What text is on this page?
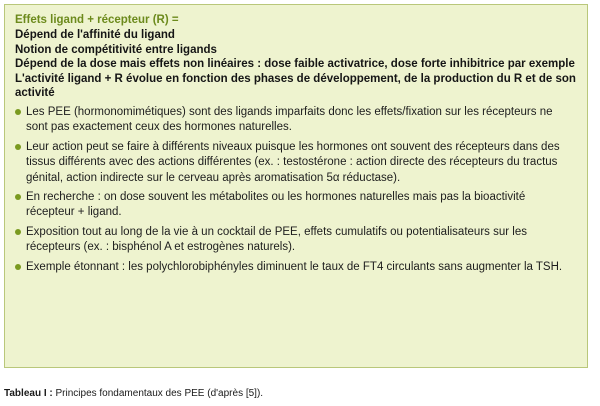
Effets ligand + récepteur (R) =
Dépend de l'affinité du ligand
Notion de compétitivité entre ligands
Dépend de la dose mais effets non linéaires : dose faible activatrice, dose forte inhibitrice par exemple
L'activité ligand + R évolue en fonction des phases de développement, de la production du R et de son activité
Les PEE (hormonomimétiques) sont des ligands imparfaits donc les effets/fixation sur les récepteurs ne sont pas exactement ceux des hormones naturelles.
Leur action peut se faire à différents niveaux puisque les hormones ont souvent des récepteurs dans des tissus différents avec des actions différentes (ex. : testostérone : action directe des récepteurs du tractus génital, action indirecte sur le cerveau après aromatisation 5α réductase).
En recherche : on dose souvent les métabolites ou les hormones naturelles mais pas la bioactivité récepteur + ligand.
Exposition tout au long de la vie à un cocktail de PEE, effets cumulatifs ou potentialisateurs sur les récepteurs (ex. : bisphénol A et estrogènes naturels).
Exemple étonnant : les polychlorobiphényles diminuent le taux de FT4 circulants sans augmenter la TSH.
Tableau I : Principes fondamentaux des PEE (d'après [5]).
